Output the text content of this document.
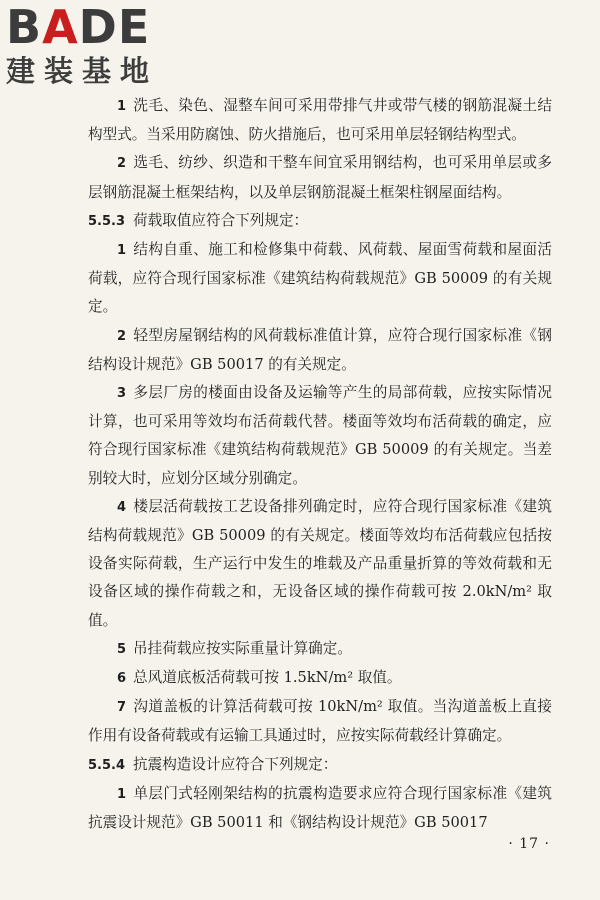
BADE
建装基地

1 洗毛、染色、湿整车间可采用带排气井或带气楼的钢筋混凝土结构型式。当采用防腐蚀、防火措施后，也可采用单层轻钢结构型式。

2 选毛、纺纱、织造和干整车间宜采用钢结构，也可采用单层或多层钢筋混凝土框架结构，以及单层钢筋混凝土框架柱钢屋面结构。

5.5.3 荷载取值应符合下列规定：

1 结构自重、施工和检修集中荷载、风荷载、屋面雪荷载和屋面活荷载，应符合现行国家标准《建筑结构荷载规范》GB 50009 的有关规定。

2 轻型房屋钢结构的风荷载标准值计算，应符合现行国家标准《钢结构设计规范》GB 50017 的有关规定。

3 多层厂房的楼面由设备及运输等产生的局部荷载，应按实际情况计算，也可采用等效均布活荷载代替。楼面等效均布活荷载的确定，应符合现行国家标准《建筑结构荷载规范》GB 50009 的有关规定。当差别较大时，应划分区域分别确定。

4 楼层活荷载按工艺设备排列确定时，应符合现行国家标准《建筑结构荷载规范》GB 50009 的有关规定。楼面等效均布活荷载应包括按设备实际荷载，生产运行中发生的堆载及产品重量折算的等效荷载和无设备区域的操作荷载之和，无设备区域的操作荷载可按 2.0kN/m² 取值。

5 吊挂荷载应按实际重量计算确定。

6 总风道底板活荷载可按 1.5kN/m² 取值。

7 沟道盖板的计算活荷载可按 10kN/m² 取值。当沟道盖板上直接作用有设备荷载或有运输工具通过时，应按实际荷载经计算确定。

5.5.4 抗震构造设计应符合下列规定：

1 单层门式轻刚架结构的抗震构造要求应符合现行国家标准《建筑抗震设计规范》GB 50011 和《钢结构设计规范》GB 50017

· 17 ·
